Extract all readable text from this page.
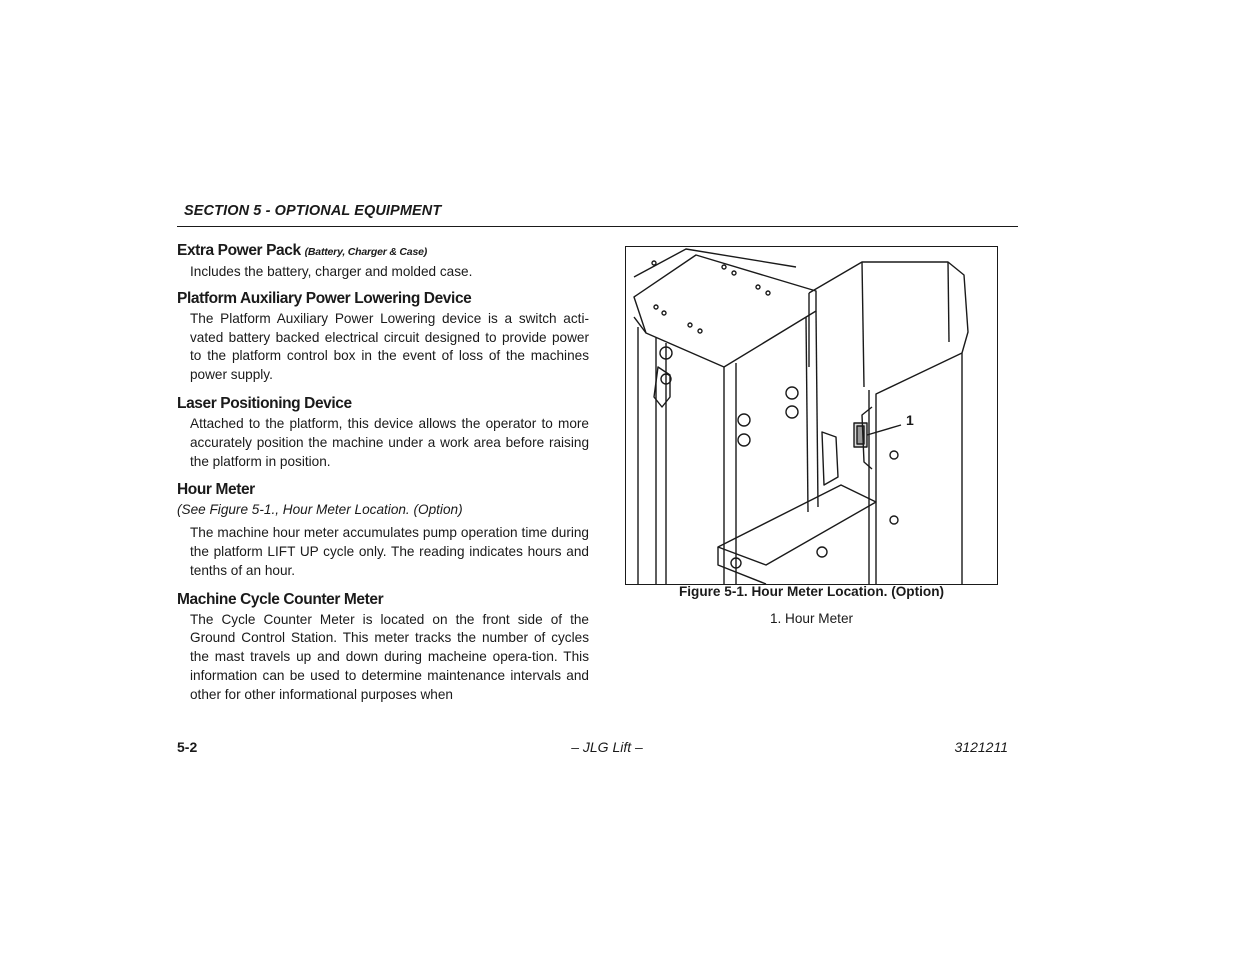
SECTION 5 - OPTIONAL EQUIPMENT
Extra Power Pack (Battery, Charger & Case)

Includes the battery, charger and molded case.

Platform Auxiliary Power Lowering Device

The Platform Auxiliary Power Lowering device is a switch acti-vated battery backed electrical circuit designed to provide power to the platform control box in the event of loss of the machines power supply.

Laser Positioning Device

Attached to the platform, this device allows the operator to more accurately position the machine under a work area before raising the platform in position.

Hour Meter

(See Figure 5-1., Hour Meter Location. (Option)

The machine hour meter accumulates pump operation time during the platform LIFT UP cycle only. The reading indicates hours and tenths of an hour.

Machine Cycle Counter Meter

The Cycle Counter Meter is located on the front side of the Ground Control Station. This meter tracks the number of cycles the mast travels up and down during macheine opera-tion. This information can be used to determine maintenance intervals and other for other informational purposes when

1
Figure 5-1. Hour Meter Location. (Option)
1. Hour Meter
5-2	– JLG Lift –	3121211
